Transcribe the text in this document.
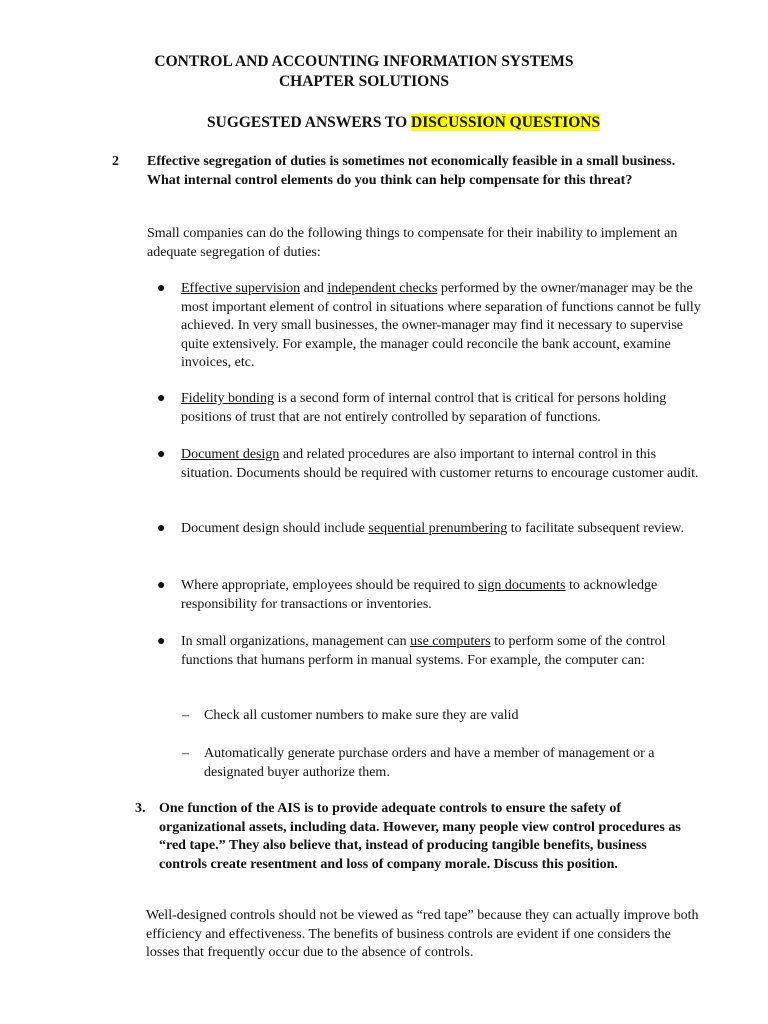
CONTROL AND ACCOUNTING INFORMATION SYSTEMS
CHAPTER SOLUTIONS
SUGGESTED ANSWERS TO DISCUSSION QUESTIONS
2 Effective segregation of duties is sometimes not economically feasible in a small business. What internal control elements do you think can help compensate for this threat?
Small companies can do the following things to compensate for their inability to implement an adequate segregation of duties:
● Effective supervision and independent checks performed by the owner/manager may be the most important element of control in situations where separation of functions cannot be fully achieved. In very small businesses, the owner-manager may find it necessary to supervise quite extensively. For example, the manager could reconcile the bank account, examine invoices, etc.
● Fidelity bonding is a second form of internal control that is critical for persons holding positions of trust that are not entirely controlled by separation of functions.
● Document design and related procedures are also important to internal control in this situation. Documents should be required with customer returns to encourage customer audit.
● Document design should include sequential prenumbering to facilitate subsequent review.
● Where appropriate, employees should be required to sign documents to acknowledge responsibility for transactions or inventories.
● In small organizations, management can use computers to perform some of the control functions that humans perform in manual systems. For example, the computer can:
– Check all customer numbers to make sure they are valid
– Automatically generate purchase orders and have a member of management or a designated buyer authorize them.
3. One function of the AIS is to provide adequate controls to ensure the safety of organizational assets, including data. However, many people view control procedures as “red tape.” They also believe that, instead of producing tangible benefits, business controls create resentment and loss of company morale. Discuss this position.
Well-designed controls should not be viewed as “red tape” because they can actually improve both efficiency and effectiveness. The benefits of business controls are evident if one considers the losses that frequently occur due to the absence of controls.
